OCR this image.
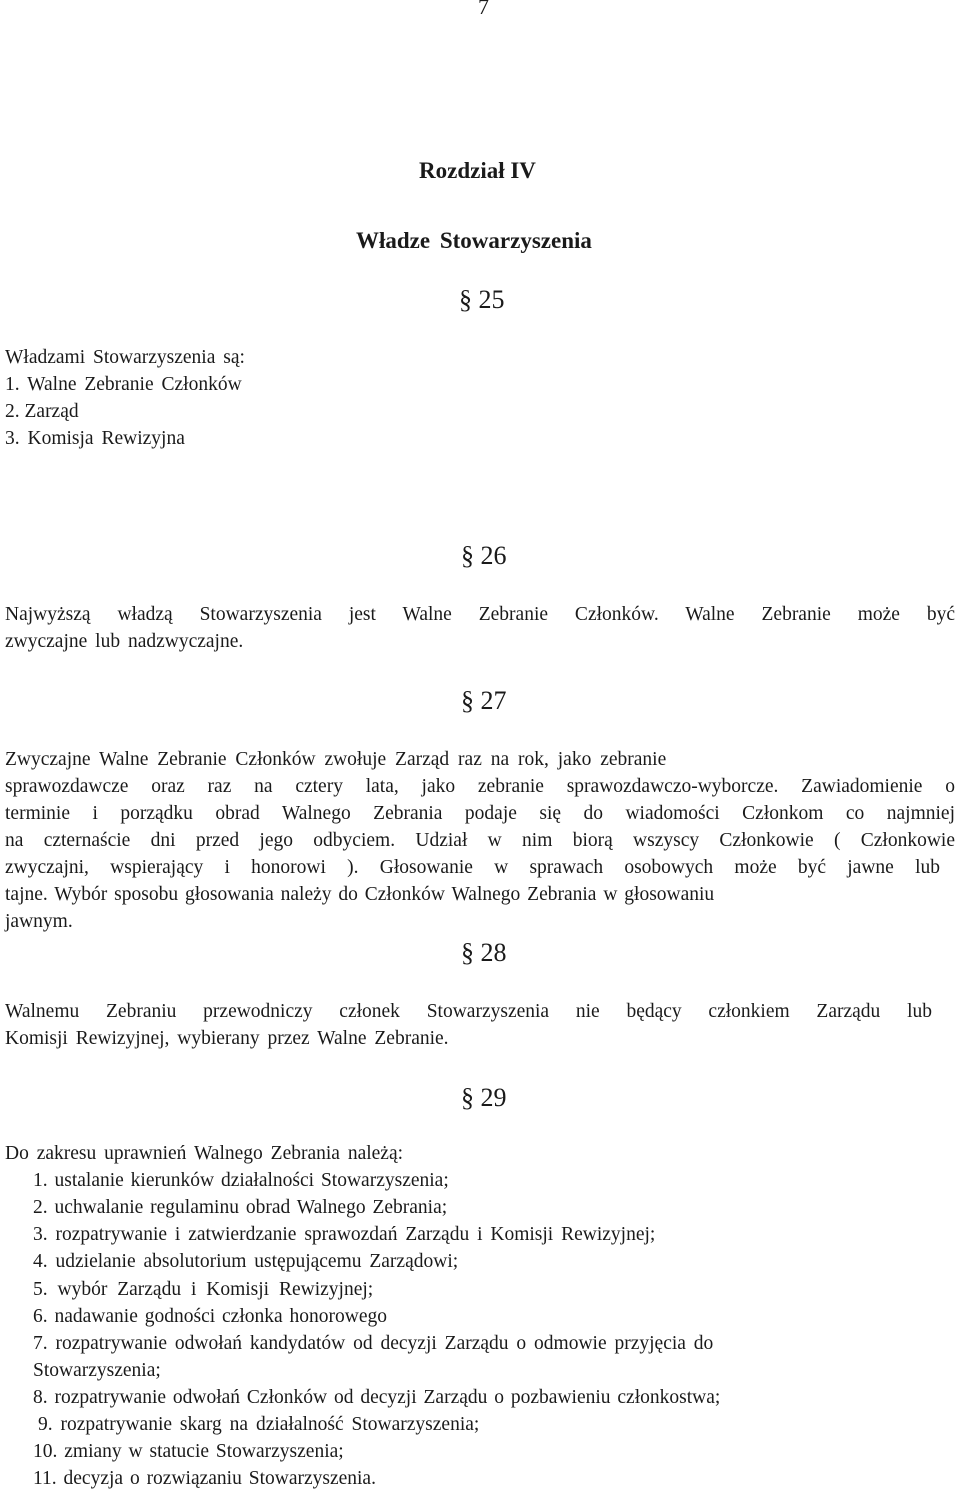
7
Rozdział IV
Władze Stowarzyszenia
§ 25
Władzami Stowarzyszenia są:
1. Walne Zebranie Członków
2. Zarząd
3. Komisja Rewizyjna
§ 26
Najwyższą władzą Stowarzyszenia jest Walne Zebranie Członków. Walne Zebranie może być
zwyczajne lub nadzwyczajne.
§ 27
Zwyczajne Walne Zebranie Członków zwołuje Zarząd raz na rok, jako zebranie
sprawozdawcze oraz raz na cztery lata, jako zebranie sprawozdawczo-wyborcze. Zawiadomienie o
terminie i porządku obrad Walnego Zebrania podaje się do wiadomości Członkom co najmniej
na czternaście dni przed jego odbyciem. Udział w nim biorą wszyscy Członkowie ( Członkowie
zwyczajni, wspierający i honorowi ). Głosowanie w sprawach osobowych może być jawne lub
tajne. Wybór sposobu głosowania należy do Członków Walnego Zebrania w głosowaniu
jawnym.
§ 28
Walnemu Zebraniu przewodniczy członek Stowarzyszenia nie będący członkiem Zarządu lub
Komisji Rewizyjnej, wybierany przez Walne Zebranie.
§ 29
Do zakresu uprawnień Walnego Zebrania należą:
1. ustalanie kierunków działalności Stowarzyszenia;
2. uchwalanie regulaminu obrad Walnego Zebrania;
3. rozpatrywanie i zatwierdzanie sprawozdań Zarządu i Komisji Rewizyjnej;
4. udzielanie absolutorium ustępującemu Zarządowi;
5. wybór Zarządu i Komisji Rewizyjnej;
6. nadawanie godności członka honorowego
7. rozpatrywanie odwołań kandydatów od decyzji Zarządu o odmowie przyjęcia do
Stowarzyszenia;
8. rozpatrywanie odwołań Członków od decyzji Zarządu o pozbawieniu członkostwa;
9. rozpatrywanie skarg na działalność Stowarzyszenia;
10. zmiany w statucie Stowarzyszenia;
11. decyzja o rozwiązaniu Stowarzyszenia.
